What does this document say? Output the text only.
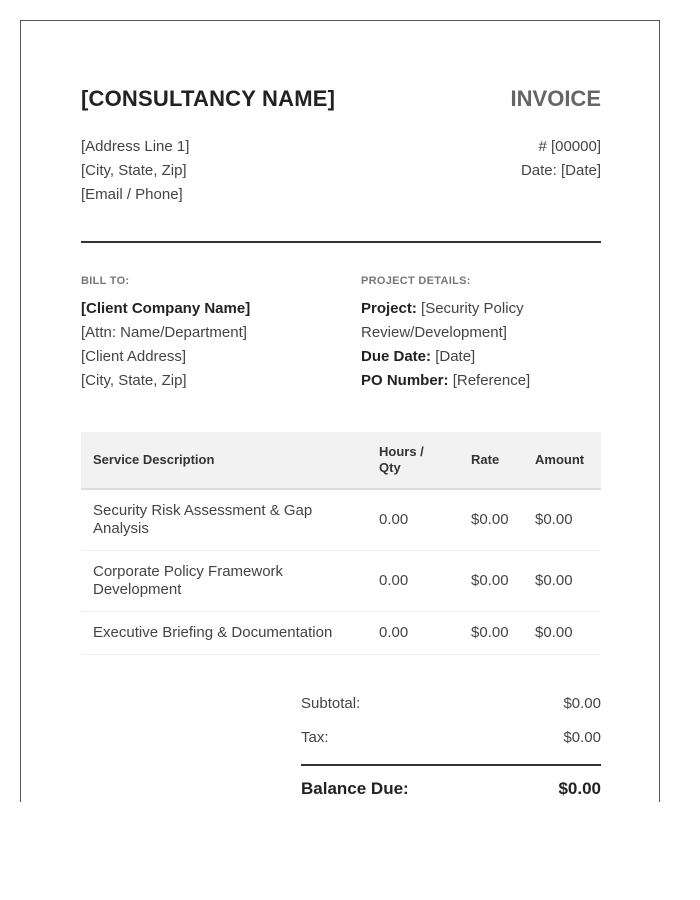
[CONSULTANCY NAME]	INVOICE
[Address Line 1]
[City, State, Zip]
[Email / Phone]
# [00000]
Date: [Date]
BILL TO:
[Client Company Name]
[Attn: Name/Department]
[Client Address]
[City, State, Zip]
PROJECT DETAILS:
Project: [Security Policy Review/Development]
Due Date: [Date]
PO Number: [Reference]
Service Description	Hours / Qty	Rate	Amount
Security Risk Assessment & Gap Analysis	0.00	$0.00	$0.00
Corporate Policy Framework Development	0.00	$0.00	$0.00
Executive Briefing & Documentation	0.00	$0.00	$0.00
Subtotal:	$0.00
Tax:	$0.00
Balance Due:	$0.00
